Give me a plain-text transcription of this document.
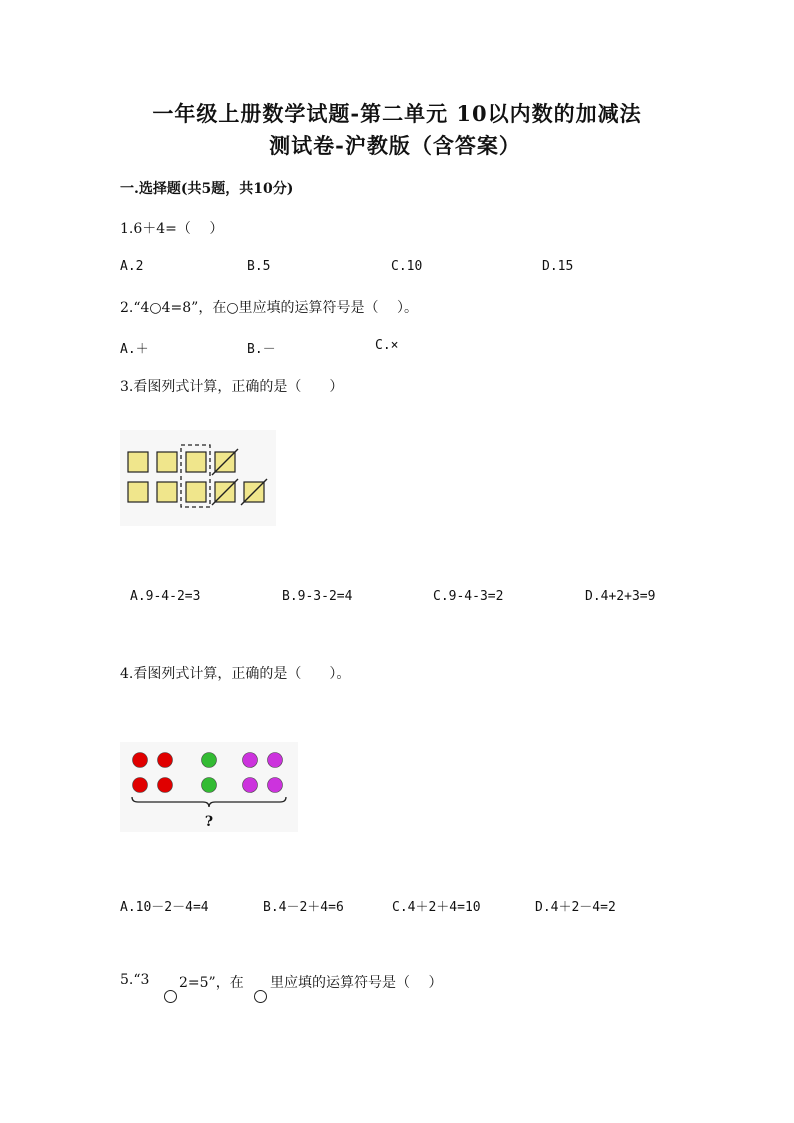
一年级上册数学试题-第二单元 10以内数的加减法
测试卷-沪教版（含答案）
一.选择题(共5题，共10分)
1.6＋4=（　 ）
A.2	B.5	C.10	D.15
2.“4○4=8”，在○里应填的运算符号是（　 ）。
A.＋	B.－	C.×
3.看图列式计算，正确的是（　　）
A.9-4-2=3	B.9-3-2=4	C.9-4-3=2	D.4+2+3=9
4.看图列式计算，正确的是（　　）。
?
A.10－2－4=4	B.4－2＋4=6	C.4＋2＋4=10	D.4＋2－4=2
5.“3 2=5”，在 里应填的运算符号是（　 ）
